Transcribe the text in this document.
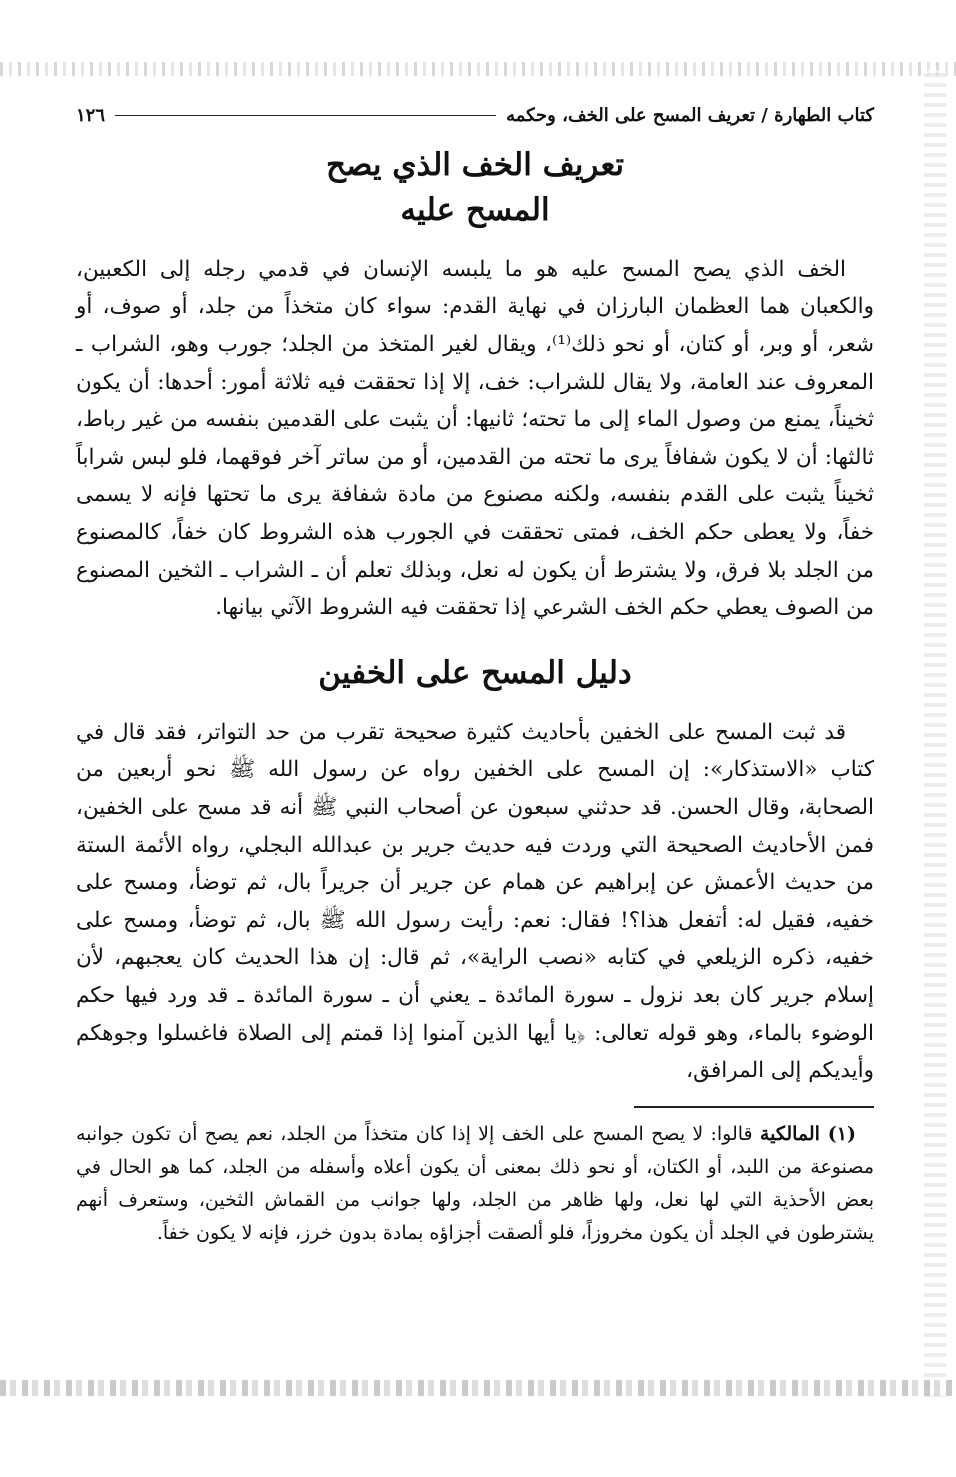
كتاب الطهارة / تعريف المسح على الخف، وحكمه
١٢٦
تعريف الخف الذي يصح
المسح عليه

الخف الذي يصح المسح عليه هو ما يلبسه الإنسان في قدمي رجله إلى الكعبين، والكعبان هما العظمان البارزان في نهاية القدم: سواء كان متخذاً من جلد، أو صوف، أو شعر، أو وبر، أو كتان، أو نحو ذلك⁽¹⁾، ويقال لغير المتخذ من الجلد؛ جورب وهو، الشراب ـ المعروف عند العامة، ولا يقال للشراب: خف، إلا إذا تحققت فيه ثلاثة أمور: أحدها: أن يكون ثخيناً، يمنع من وصول الماء إلى ما تحته؛ ثانيها: أن يثبت على القدمين بنفسه من غير رباط، ثالثها: أن لا يكون شفافاً يرى ما تحته من القدمين، أو من ساتر آخر فوقهما، فلو لبس شراباً ثخيناً يثبت على القدم بنفسه، ولكنه مصنوع من مادة شفافة يرى ما تحتها فإنه لا يسمى خفاً، ولا يعطى حكم الخف، فمتى تحققت في الجورب هذه الشروط كان خفاً، كالمصنوع من الجلد بلا فرق، ولا يشترط أن يكون له نعل، وبذلك تعلم أن ـ الشراب ـ الثخين المصنوع من الصوف يعطي حكم الخف الشرعي إذا تحققت فيه الشروط الآتي بيانها.

دليل المسح على الخفين

قد ثبت المسح على الخفين بأحاديث كثيرة صحيحة تقرب من حد التواتر، فقد قال في كتاب «الاستذكار»: إن المسح على الخفين رواه عن رسول الله ﷺ نحو أربعين من الصحابة، وقال الحسن. قد حدثني سبعون عن أصحاب النبي ﷺ أنه قد مسح على الخفين، فمن الأحاديث الصحيحة التي وردت فيه حديث جرير بن عبدالله البجلي، رواه الأئمة الستة من حديث الأعمش عن إبراهيم عن همام عن جرير أن جريراً بال، ثم توضأ، ومسح على خفيه، فقيل له: أتفعل هذا؟! فقال: نعم: رأيت رسول الله ﷺ بال، ثم توضأ، ومسح على خفيه، ذكره الزيلعي في كتابه «نصب الراية»، ثم قال: إن هذا الحديث كان يعجبهم، لأن إسلام جرير كان بعد نزول ـ سورة المائدة ـ يعني أن ـ سورة المائدة ـ قد ورد فيها حكم الوضوء بالماء، وهو قوله تعالى: ﴿يا أيها الذين آمنوا إذا قمتم إلى الصلاة فاغسلوا وجوهكم وأيديكم إلى المرافق،

(١) المالكية قالوا: لا يصح المسح على الخف إلا إذا كان متخذاً من الجلد، نعم يصح أن تكون جوانبه مصنوعة من اللبد، أو الكتان، أو نحو ذلك بمعنى أن يكون أعلاه وأسفله من الجلد، كما هو الحال في بعض الأحذية التي لها نعل، ولها ظاهر من الجلد، ولها جوانب من القماش الثخين، وستعرف أنهم يشترطون في الجلد أن يكون مخروزاً، فلو ألصقت أجزاؤه بمادة بدون خرز، فإنه لا يكون خفاً.
